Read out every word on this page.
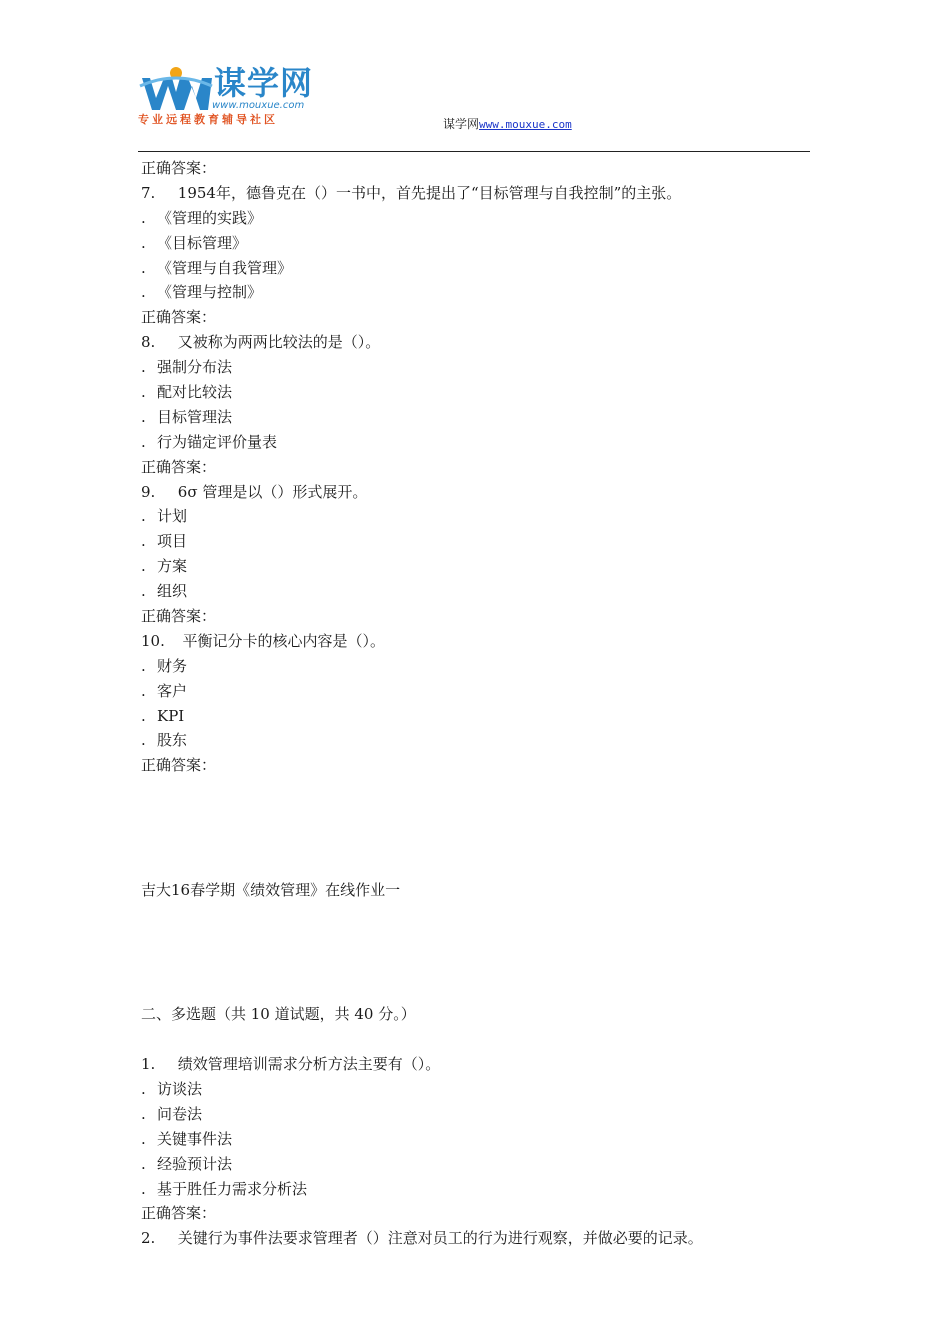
谋学网
www.mouxue.com
专业远程教育辅导社区	谋学网www.mouxue.com
正确答案：
7. 1954年，德鲁克在（）一书中，首先提出了“目标管理与自我控制”的主张。
. 《管理的实践》
. 《目标管理》
. 《管理与自我管理》
. 《管理与控制》
正确答案：
8. 又被称为两两比较法的是（）。
. 强制分布法
. 配对比较法
. 目标管理法
. 行为锚定评价量表
正确答案：
9. 6σ 管理是以（）形式展开。
. 计划
. 项目
. 方案
. 组织
正确答案：
10. 平衡记分卡的核心内容是（）。
. 财务
. 客户
. KPI
. 股东
正确答案：
吉大16春学期《绩效管理》在线作业一
二、多选题（共 10 道试题，共 40 分。）
1. 绩效管理培训需求分析方法主要有（）。
. 访谈法
. 问卷法
. 关键事件法
. 经验预计法
. 基于胜任力需求分析法
正确答案：
2. 关键行为事件法要求管理者（）注意对员工的行为进行观察，并做必要的记录。
